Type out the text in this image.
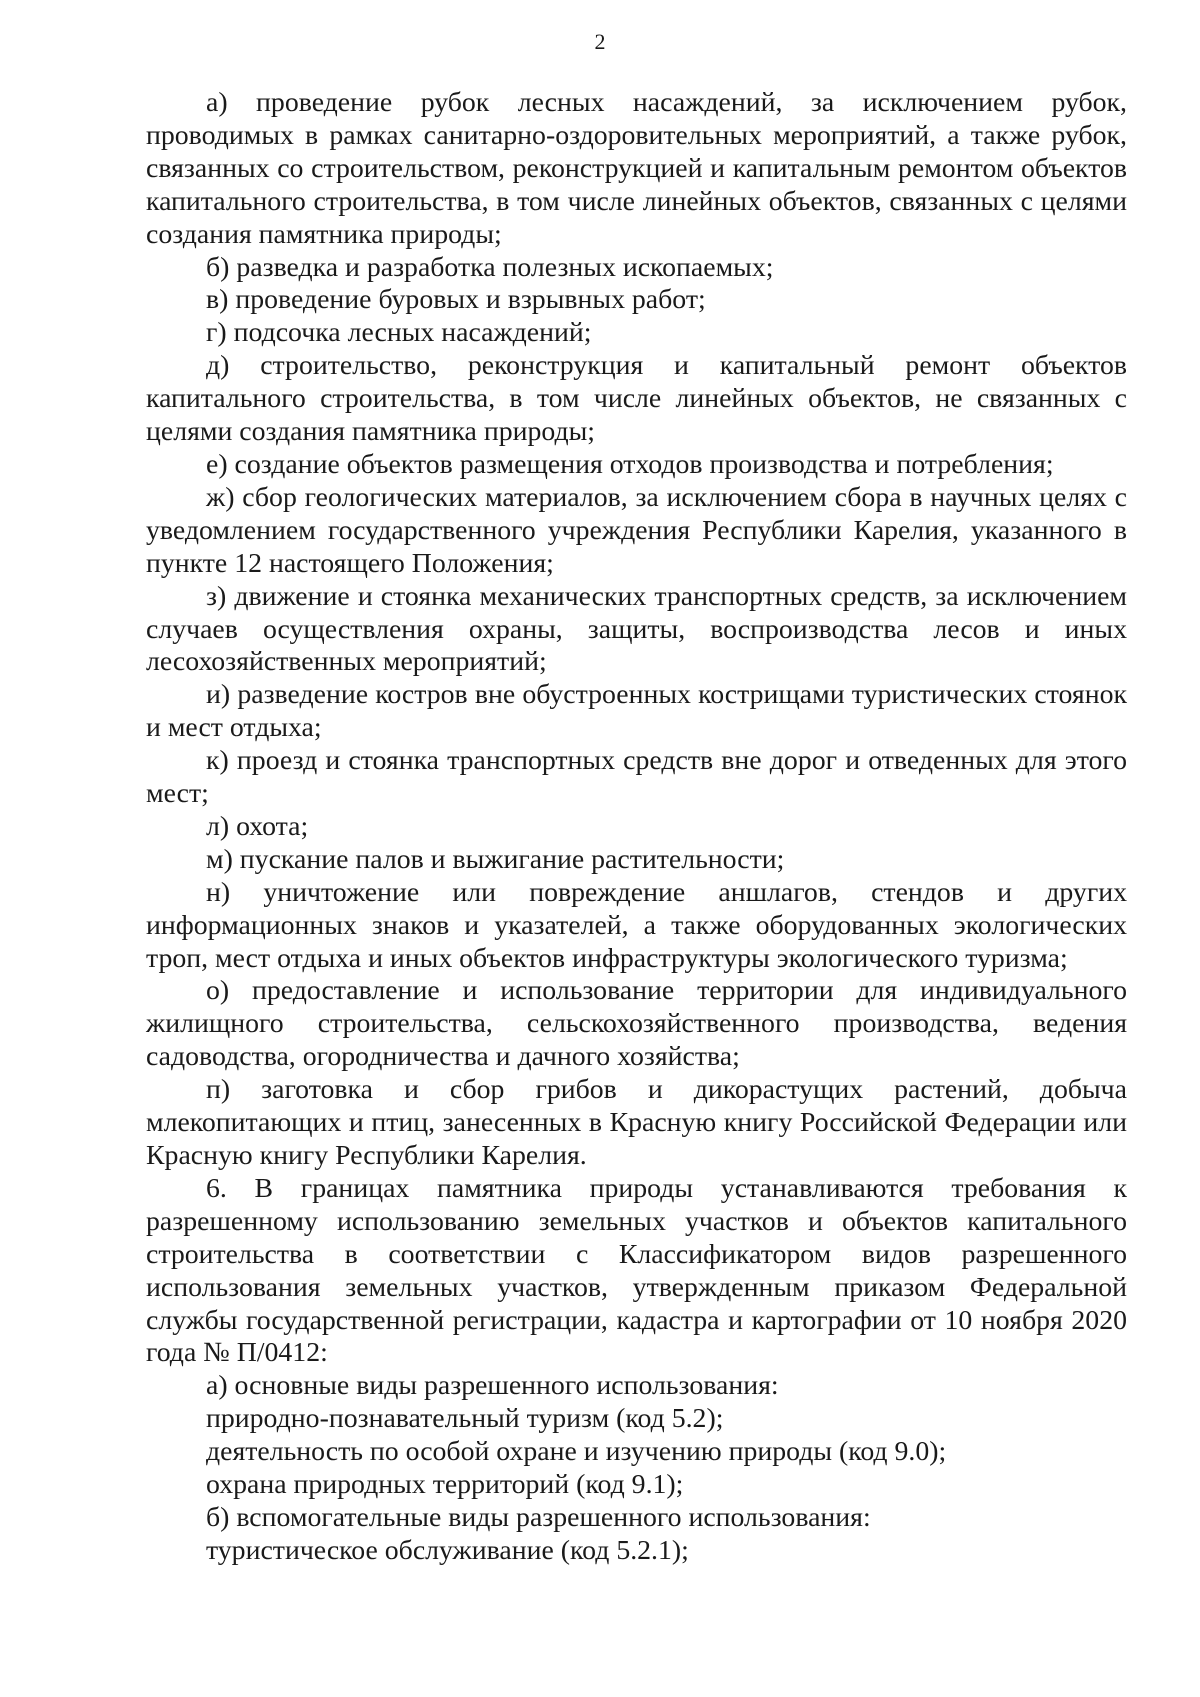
2

а) проведение рубок лесных насаждений, за исключением рубок, проводимых в рамках санитарно-оздоровительных мероприятий, а также рубок, связанных со строительством, реконструкцией и капитальным ремонтом объектов капитального строительства, в том числе линейных объектов, связанных с целями создания памятника природы;

б) разведка и разработка полезных ископаемых;

в) проведение буровых и взрывных работ;

г) подсочка лесных насаждений;

д) строительство, реконструкция и капитальный ремонт объектов капитального строительства, в том числе линейных объектов, не связанных с целями создания памятника природы;

е) создание объектов размещения отходов производства и потребления;

ж) сбор геологических материалов, за исключением сбора в научных целях с уведомлением государственного учреждения Республики Карелия, указанного в пункте 12 настоящего Положения;

з) движение и стоянка механических транспортных средств, за исключением случаев осуществления охраны, защиты, воспроизводства лесов и иных лесохозяйственных мероприятий;

и) разведение костров вне обустроенных кострищами туристических стоянок и мест отдыха;

к) проезд и стоянка транспортных средств вне дорог и отведенных для этого мест;

л) охота;

м) пускание палов и выжигание растительности;

н) уничтожение или повреждение аншлагов, стендов и других информационных знаков и указателей, а также оборудованных экологических троп, мест отдыха и иных объектов инфраструктуры экологического туризма;

о) предоставление и использование территории для индивидуального жилищного строительства, сельскохозяйственного производства, ведения садоводства, огородничества и дачного хозяйства;

п) заготовка и сбор грибов и дикорастущих растений, добыча млекопитающих и птиц, занесенных в Красную книгу Российской Федерации или Красную книгу Республики Карелия.

6. В границах памятника природы устанавливаются требования к разрешенному использованию земельных участков и объектов капитального строительства в соответствии с Классификатором видов разрешенного использования земельных участков, утвержденным приказом Федеральной службы государственной регистрации, кадастра и картографии от 10 ноября 2020 года № П/0412:

а) основные виды разрешенного использования:

природно-познавательный туризм (код 5.2);

деятельность по особой охране и изучению природы (код 9.0);

охрана природных территорий (код 9.1);

б) вспомогательные виды разрешенного использования:

туристическое обслуживание (код 5.2.1);
